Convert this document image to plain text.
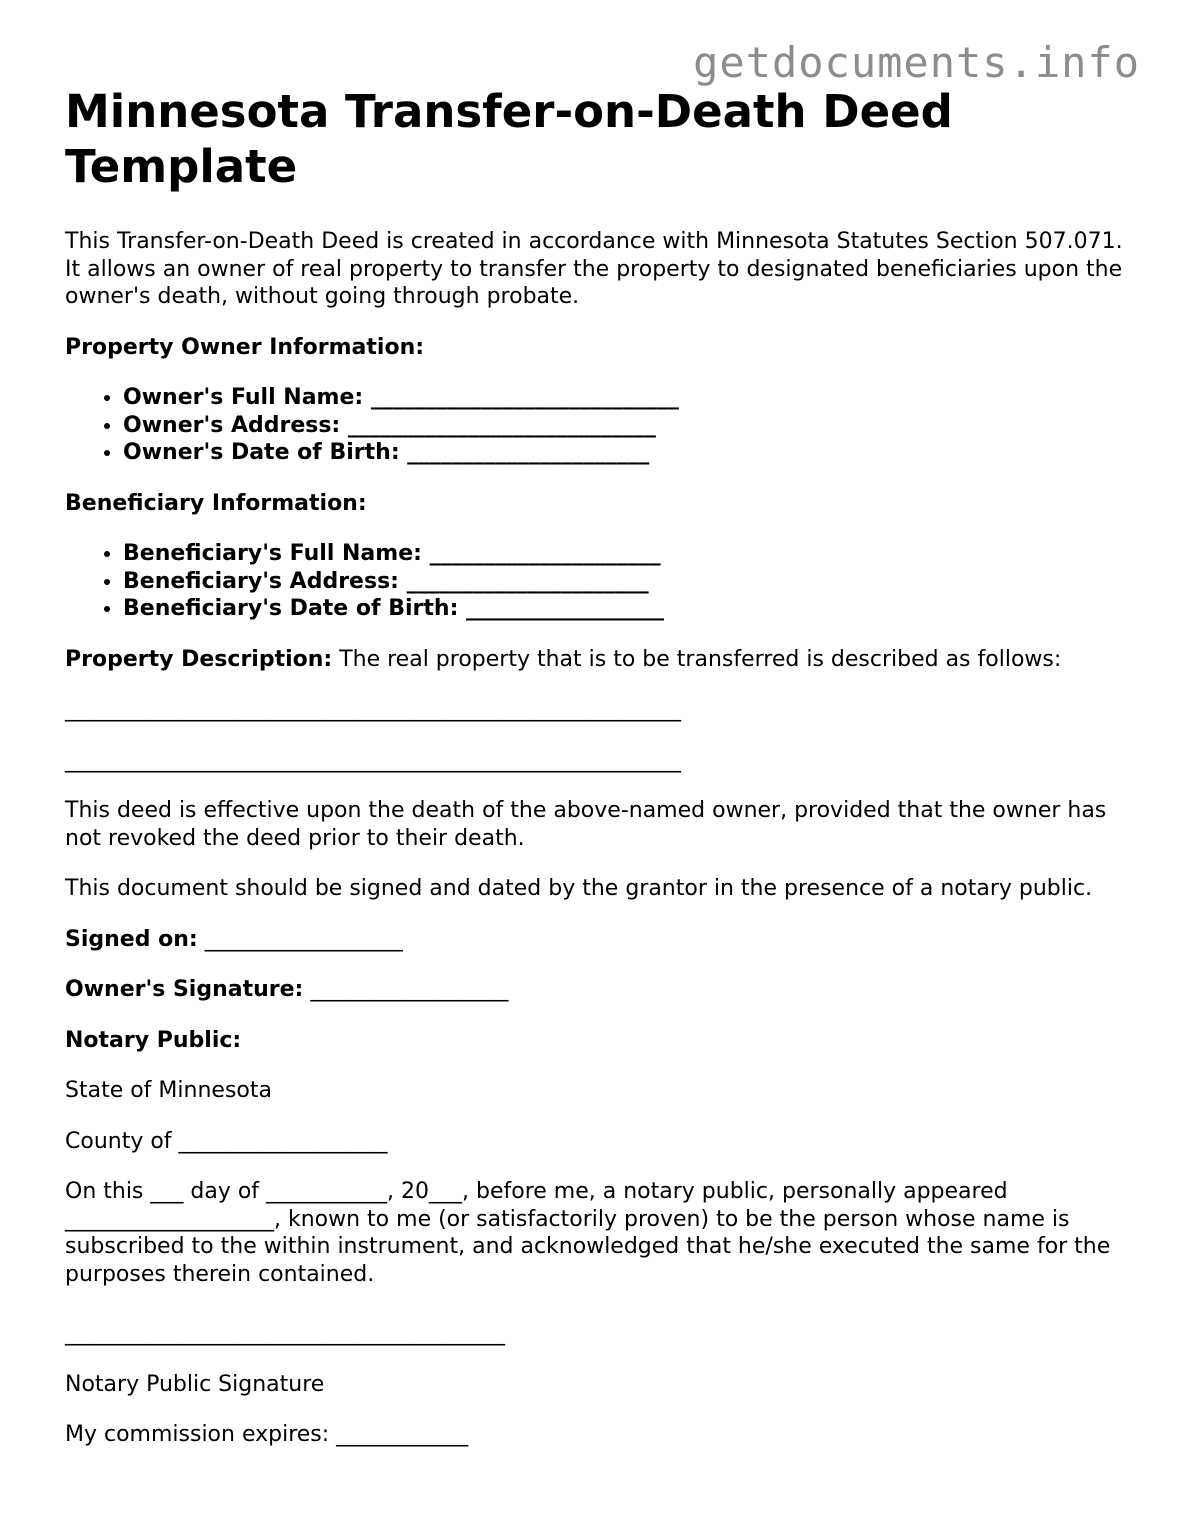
getdocuments.info
Minnesota Transfer-on-Death Deed Template

This Transfer-on-Death Deed is created in accordance with Minnesota Statutes Section 507.071. It allows an owner of real property to transfer the property to designated beneficiaries upon the owner's death, without going through probate.

Property Owner Information:

• Owner's Full Name: ____________________________
• Owner's Address: ____________________________
• Owner's Date of Birth: ______________________

Beneficiary Information:

• Beneficiary's Full Name: _____________________
• Beneficiary's Address: ______________________
• Beneficiary's Date of Birth: __________________

Property Description: The real property that is to be transferred is described as follows:

________________________________________________________

________________________________________________________

This deed is effective upon the death of the above-named owner, provided that the owner has not revoked the deed prior to their death.

This document should be signed and dated by the grantor in the presence of a notary public.

Signed on: __________________

Owner's Signature: __________________

Notary Public:

State of Minnesota

County of ___________________

On this ___ day of ___________, 20___, before me, a notary public, personally appeared ___________________, known to me (or satisfactorily proven) to be the person whose name is subscribed to the within instrument, and acknowledged that he/she executed the same for the purposes therein contained.

________________________________________

Notary Public Signature

My commission expires: ____________
